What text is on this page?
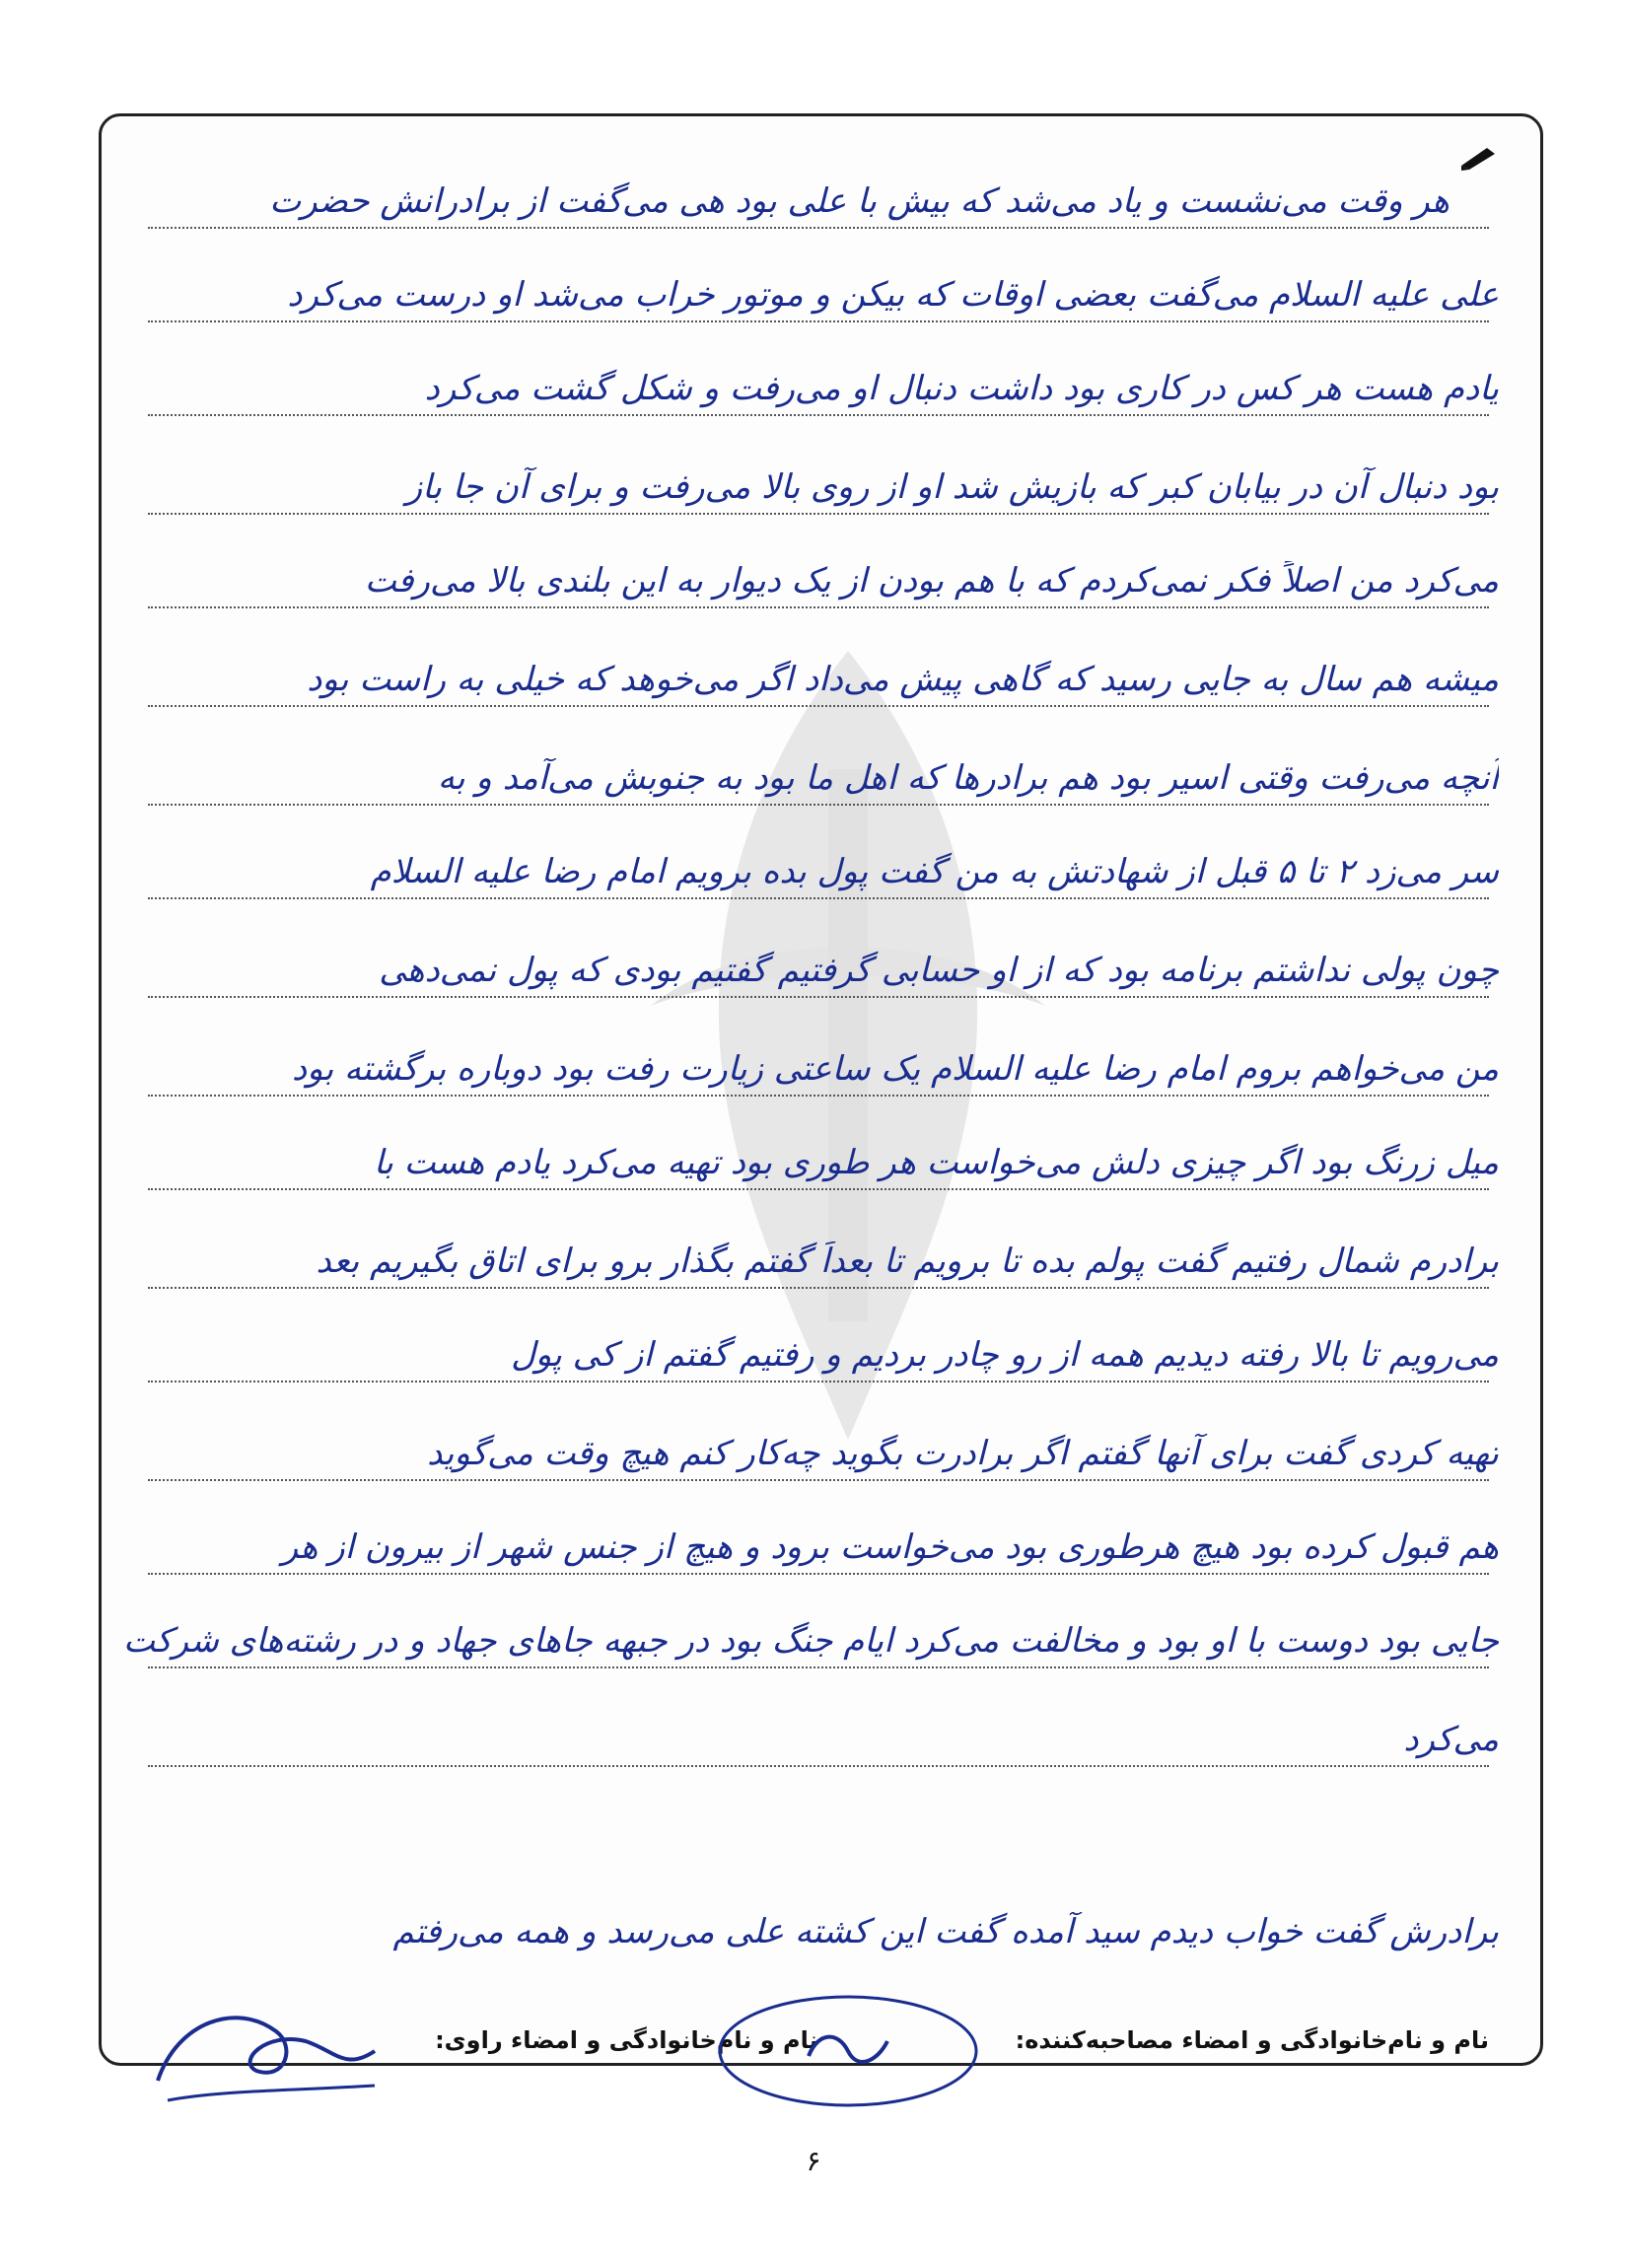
هر وقت می‌نشست و یاد می‌شد که بیش با علی بود هی می‌گفت از برادرانش حضرت
علی علیه السلام می‌گفت بعضی اوقات که بیکن و موتور خراب می‌شد او درست می‌کرد
یادم هست هر کس در کاری بود داشت دنبال او می‌رفت و شکل گشت می‌کرد
بود دنبال آن در بیابان کبر که بازیش شد او از روی بالا می‌رفت و برای آن جا باز
می‌کرد من اصلاً فکر نمی‌کردم که با هم بودن از یک دیوار به این بلندی بالا می‌رفت
میشه هم سال به جایی رسید که گاهی پیش می‌داد اگر می‌خوهد که خیلی به راست بود
آنچه می‌رفت وقتی اسیر بود هم برادرها که اهل ما بود به جنوبش می‌آمد و به
سر می‌زد ۲ تا ۵ قبل از شهادتش به من گفت پول بده برویم امام رضا علیه السلام
چون پولی نداشتم برنامه بود که از او حسابی گرفتیم گفتیم بودی که پول نمی‌دهی
من می‌خواهم بروم امام رضا علیه السلام یک ساعتی زیارت رفت بود دوباره برگشته بود
میل زرنگ بود اگر چیزی دلش می‌خواست هر طوری بود تهیه می‌کرد یادم هست با
برادرم شمال رفتیم گفت پولم بده تا برویم تا بعداً گفتم بگذار برو برای اتاق بگیریم بعد
می‌رویم تا بالا رفته دیدیم همه از رو چادر بردیم و رفتیم گفتم از کی پول
تهیه کردی گفت برای آنها گفتم اگر برادرت بگوید چه‌کار کنم هیچ وقت می‌گوید
هم قبول کرده بود هیچ هرطوری بود می‌خواست برود و هیچ از جنس شهر از بیرون از هر
جایی بود دوست با او بود و مخالفت می‌کرد ایام جنگ بود در جبهه جاهای جهاد و در رشته‌های شرکت
می‌کرد
برادرش گفت خواب دیدم سید آمده گفت این کشته علی می‌رسد و همه می‌رفتم
نام و نام‌خانوادگی و امضاء مصاحبه‌کننده:
نام و نام‌خانوادگی و امضاء راوی:
۶
